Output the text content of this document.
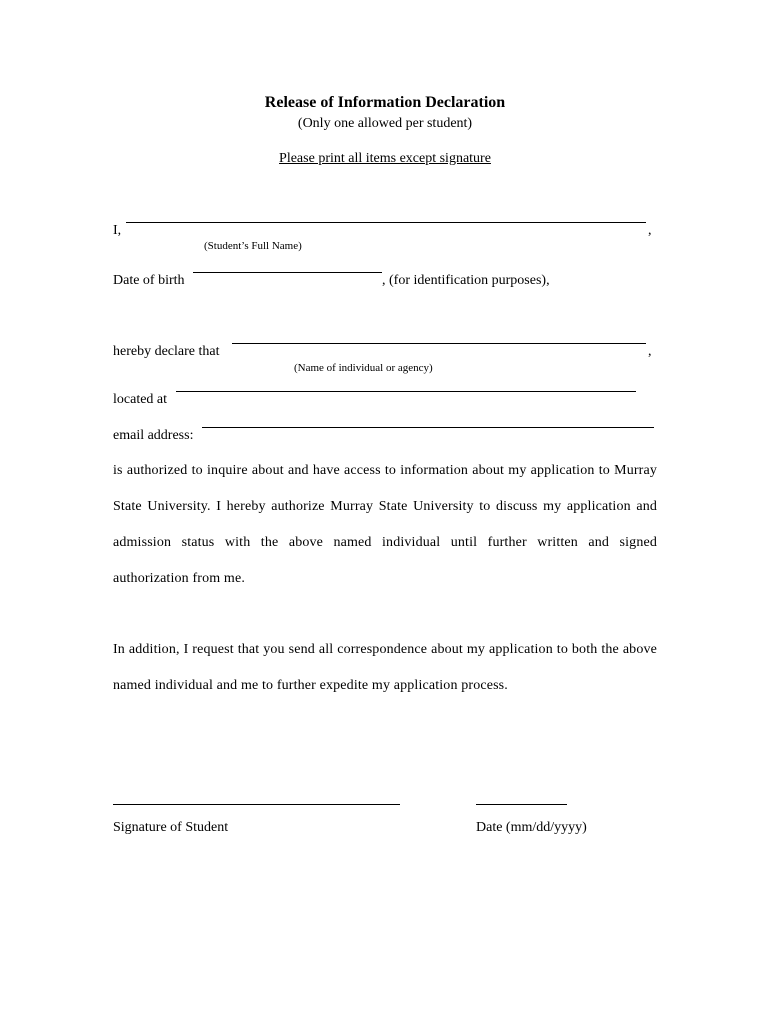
Release of Information Declaration
(Only one allowed per student)
Please print all items except signature
I,	,
(Student’s Full Name)
Date of birth	, (for identification purposes),
hereby declare that	,
(Name of individual or agency)
located at
email address:
is authorized to inquire about and have access to information about my application to Murray State University. I hereby authorize Murray State University to discuss my application and admission status with the above named individual until further written and signed authorization from me.
In addition, I request that you send all correspondence about my application to both the above named individual and me to further expedite my application process.
Signature of Student	Date (mm/dd/yyyy)
